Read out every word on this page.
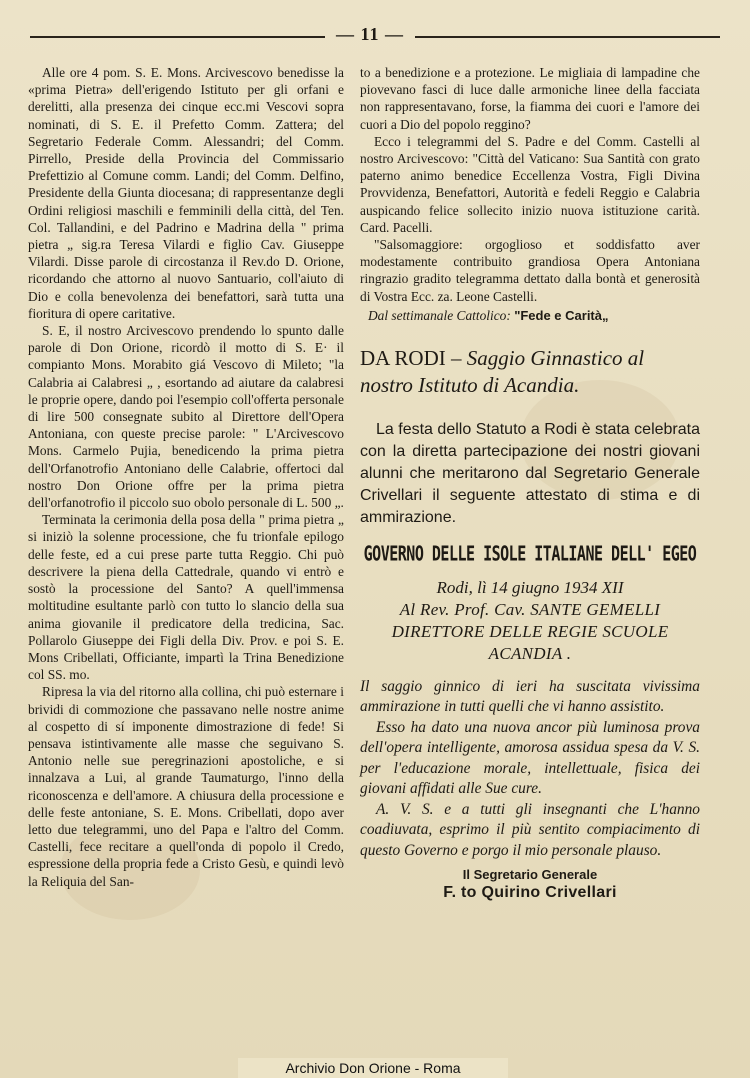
— 11 —

Alle ore 4 pom. S. E. Mons. Arcivescovo benedisse la «prima Pietra» dell'erigendo Istituto per gli orfani e derelitti, alla presenza dei cinque ecc.mi Vescovi sopra nominati, di S. E. il Prefetto Comm. Zattera; del Segretario Federale Comm. Alessandri; del Comm. Pirrello, Preside della Provincia del Commissario Prefettizio al Comune comm. Landi; del Comm. Delfino, Presidente della Giunta diocesana; di rappresentanze degli Ordini religiosi maschili e femminili della città, del Ten. Col. Tallandini, e del Padrino e Madrina della " prima pietra „ sig.ra Teresa Vilardi e figlio Cav. Giuseppe Vilardi. Disse parole di circostanza il Rev.do D. Orione, ricordando che attorno al nuovo Santuario, coll'aiuto di Dio e colla benevolenza dei benefattori, sarà tutta una fioritura di opere caritative.

S. E, il nostro Arcivescovo prendendo lo spunto dalle parole di Don Orione, ricordò il motto di S. E· il compianto Mons. Morabito giá Vescovo di Mileto; "la Calabria ai Calabresi „ , esortando ad aiutare da calabresi le proprie opere, dando poi l'esempio coll'offerta personale di lire 500 consegnate subito al Direttore dell'Opera Antoniana, con queste precise parole: " L'Arcivescovo Mons. Carmelo Pujia, benedicendo la prima pietra dell'Orfanotrofio Antoniano delle Calabrie, offertoci dal nostro Don Orione offre per la prima pietra dell'orfanotrofio il piccolo suo obolo personale di L. 500 „.

Terminata la cerimonia della posa della " prima pietra „ si iniziò la solenne processione, che fu trionfale epilogo delle feste, ed a cui prese parte tutta Reggio. Chi può descrivere la piena della Cattedrale, quando vi entrò e sostò la processione del Santo? A quell'immensa moltitudine esultante parlò con tutto lo slancio della sua anima giovanile il predicatore della tredicina, Sac. Pollarolo Giuseppe dei Figli della Div. Prov. e poi S. E. Mons Cribellati, Officiante, impartì la Trina Benedizione col SS. mo.

Ripresa la via del ritorno alla collina, chi può esternare i brividi di commozione che passavano nelle nostre anime al cospetto di sí imponente dimostrazione di fede! Si pensava istintivamente alle masse che seguivano S. Antonio nelle sue peregrinazioni apostoliche, e si innalzava a Lui, al grande Taumaturgo, l'inno della riconoscenza e dell'amore. A chiusura della processione e delle feste antoniane, S. E. Mons. Cribellati, dopo aver letto due telegrammi, uno del Papa e l'altro del Comm. Castelli, fece recitare a quell'onda di popolo il Credo, espressione della propria fede a Cristo Gesù, e quindi levò la Reliquia del San-

to a benedizione e a protezione. Le migliaia di lampadine che piovevano fasci di luce dalle armoniche linee della facciata non rappresentavano, forse, la fiamma dei cuori e l'amore dei cuori a Dio del popolo reggino?

Ecco i telegrammi del S. Padre e del Comm. Castelli al nostro Arcivescovo: "Città del Vaticano: Sua Santità con grato paterno animo benedice Eccellenza Vostra, Figli Divina Provvidenza, Benefattori, Autorità e fedeli Reggio e Calabria auspicando felice sollecito inizio nuova istituzione carità. Card. Pacelli.

"Salsomaggiore: orgoglioso et soddisfatto aver modestamente contribuito grandiosa Opera Antoniana ringrazio gradito telegramma dettato dalla bontà et generosità di Vostra Ecc. za. Leone Castelli.

Dal settimanale Cattolico: "Fede e Carità„

DA RODI – Saggio Ginnastico al nostro Istituto di Acandia.

La festa dello Statuto a Rodi è stata celebrata con la diretta partecipazione dei nostri giovani alunni che meritarono dal Segretario Generale Crivellari il seguente attestato di stima e di ammirazione.

GOVERNO DELLE ISOLE ITALIANE DELL' EGEO

Rodi, lì 14 giugno 1934 XII

Al Rev. Prof. Cav. SANTE GEMELLI

DIRETTORE DELLE REGIE SCUOLE

ACANDIA .

Il saggio ginnico di ieri ha suscitata vivissima ammirazione in tutti quelli che vi hanno assistito.

Esso ha dato una nuova ancor più luminosa prova dell'opera intelligente, amorosa assidua spesa da V. S. per l'educazione morale, intellettuale, fisica dei giovani affidati alle Sue cure.

A. V. S. e a tutti gli insegnanti che L'hanno coadiuvata, esprimo il più sentito compiacimento di questo Governo e porgo il mio personale plauso.

Il Segretario Generale

F. to Quirino Crivellari

Archivio Don Orione - Roma
